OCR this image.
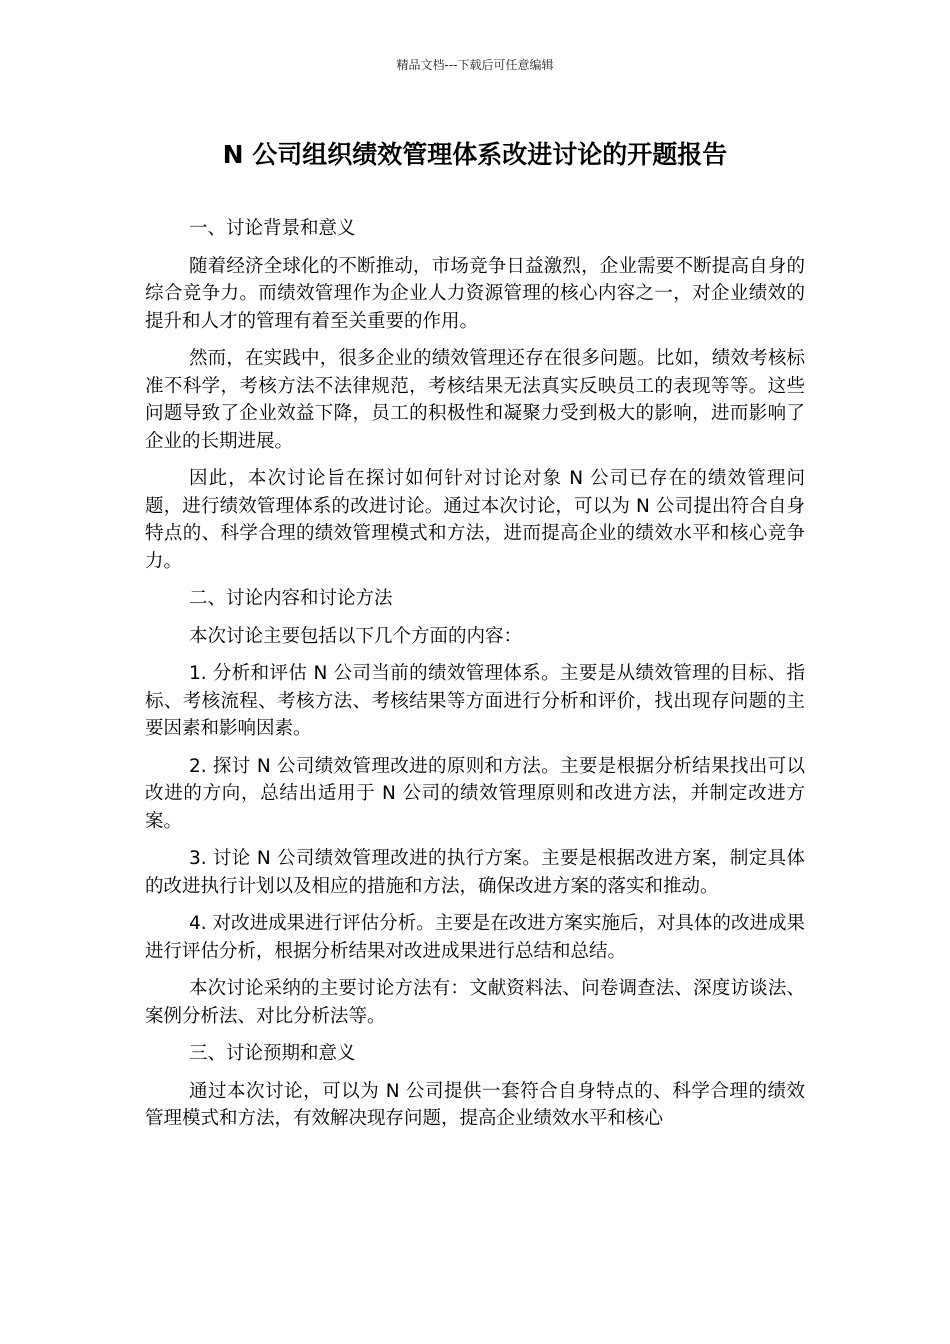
精品文档---下载后可任意编辑
N 公司组织绩效管理体系改进讨论的开题报告

一、讨论背景和意义

随着经济全球化的不断推动，市场竞争日益激烈，企业需要不断提高自身的综合竞争力。而绩效管理作为企业人力资源管理的核心内容之一，对企业绩效的提升和人才的管理有着至关重要的作用。

然而，在实践中，很多企业的绩效管理还存在很多问题。比如，绩效考核标准不科学，考核方法不法律规范，考核结果无法真实反映员工的表现等等。这些问题导致了企业效益下降，员工的积极性和凝聚力受到极大的影响，进而影响了企业的长期进展。

因此，本次讨论旨在探讨如何针对讨论对象 N 公司已存在的绩效管理问题，进行绩效管理体系的改进讨论。通过本次讨论，可以为 N 公司提出符合自身特点的、科学合理的绩效管理模式和方法，进而提高企业的绩效水平和核心竞争力。

二、讨论内容和讨论方法

本次讨论主要包括以下几个方面的内容：

1. 分析和评估 N 公司当前的绩效管理体系。主要是从绩效管理的目标、指标、考核流程、考核方法、考核结果等方面进行分析和评价，找出现存问题的主要因素和影响因素。

2. 探讨 N 公司绩效管理改进的原则和方法。主要是根据分析结果找出可以改进的方向，总结出适用于 N 公司的绩效管理原则和改进方法，并制定改进方案。

3. 讨论 N 公司绩效管理改进的执行方案。主要是根据改进方案，制定具体的改进执行计划以及相应的措施和方法，确保改进方案的落实和推动。

4. 对改进成果进行评估分析。主要是在改进方案实施后，对具体的改进成果进行评估分析，根据分析结果对改进成果进行总结和总结。

本次讨论采纳的主要讨论方法有：文献资料法、问卷调查法、深度访谈法、案例分析法、对比分析法等。

三、讨论预期和意义

通过本次讨论，可以为 N 公司提供一套符合自身特点的、科学合理的绩效管理模式和方法，有效解决现存问题，提高企业绩效水平和核心
